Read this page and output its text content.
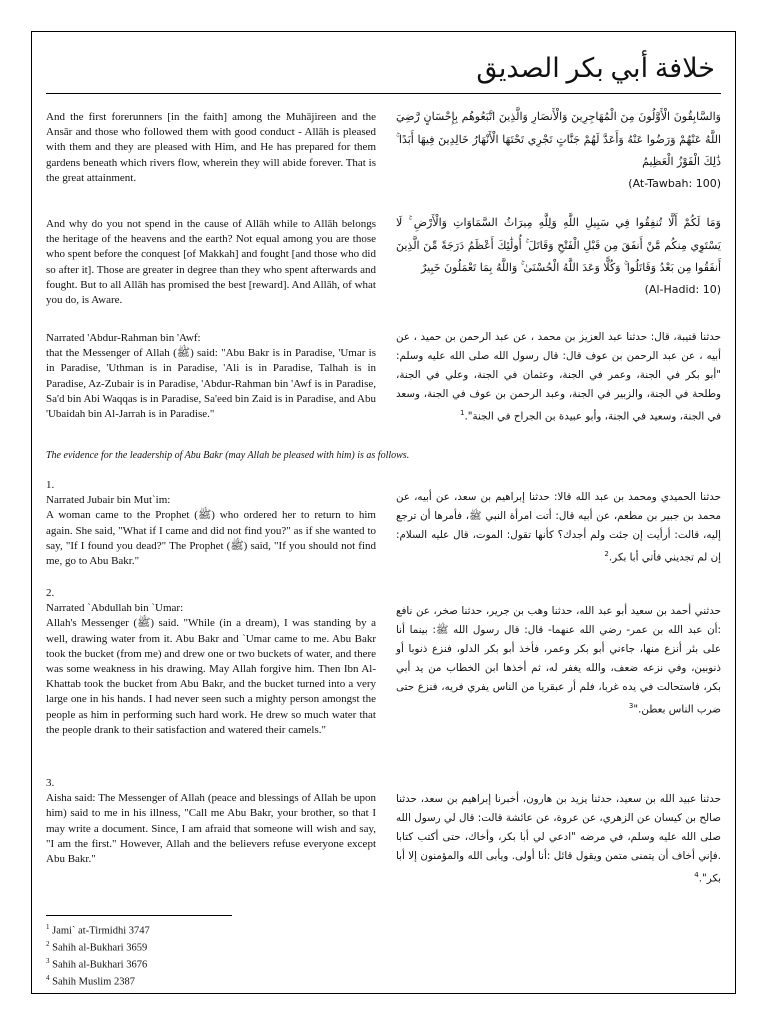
خلافة أبي بكر الصديق

And the first forerunners [in the faith] among the Muhājireen and the Ansār and those who followed them with good conduct - Allāh is pleased with them and they are pleased with Him, and He has prepared for them gardens beneath which rivers flow, wherein they will abide forever. That is the great attainment.

وَالسَّابِقُونَ الْأَوَّلُونَ مِنَ الْمُهَاجِرِينَ وَالْأَنصَارِ وَالَّذِينَ اتَّبَعُوهُم بِإِحْسَانٍ رَّضِيَ اللَّهُ عَنْهُمْ وَرَضُوا عَنْهُ وَأَعَدَّ لَهُمْ جَنَّاتٍ تَجْرِي تَحْتَهَا الْأَنْهَارُ خَالِدِينَ فِيهَا أَبَدًا ۚ ذَٰلِكَ الْفَوْزُ الْعَظِيمُ

(At-Tawbah: 100)

And why do you not spend in the cause of Allāh while to Allāh belongs the heritage of the heavens and the earth? Not equal among you are those who spent before the conquest [of Makkah] and fought [and those who did so after it]. Those are greater in degree than they who spent afterwards and fought. But to all Allāh has promised the best [reward]. And Allāh, of what you do, is Aware.

وَمَا لَكُمْ أَلَّا تُنفِقُوا فِي سَبِيلِ اللَّهِ وَلِلَّهِ مِيرَاثُ السَّمَاوَاتِ وَالْأَرْضِ ۚ لَا يَسْتَوِي مِنكُم مَّنْ أَنفَقَ مِن قَبْلِ الْفَتْحِ وَقَاتَلَ ۚ أُولَٰئِكَ أَعْظَمُ دَرَجَةً مِّنَ الَّذِينَ أَنفَقُوا مِن بَعْدُ وَقَاتَلُوا ۚ وَكُلًّا وَعَدَ اللَّهُ الْحُسْنَىٰ ۚ وَاللَّهُ بِمَا تَعْمَلُونَ خَبِيرٌ

(Al-Hadid: 10)

Narrated 'Abdur-Rahman bin 'Awf:
that the Messenger of Allah (ﷺ) said: "Abu Bakr is in Paradise, 'Umar is in Paradise, 'Uthman is in Paradise, 'Ali is in Paradise, Talhah is in Paradise, Az-Zubair is in Paradise, 'Abdur-Rahman bin 'Awf is in Paradise, Sa'd bin Abi Waqqas is in Paradise, Sa'eed bin Zaid is in Paradise, and Abu 'Ubaidah bin Al-Jarrah is in Paradise."

حدثنا قتيبة، قال: حدثنا عبد العزيز بن محمد ، عن عبد الرحمن بن حميد ، عن أبيه ، عن عبد الرحمن بن عوف قال: قال رسول الله صلى الله عليه وسلم: "أبو بكر في الجنة، وعمر في الجنة، وعثمان في الجنة، وعلي في الجنة، وطلحة في الجنة، والزبير في الجنة، وعبد الرحمن بن عوف في الجنة، وسعد في الجنة، وسعيد في الجنة، وأبو عبيدة بن الجراح في الجنة".$^1$

The evidence for the leadership of Abu Bakr (may Allah be pleased with him) is as follows.

1.

Narrated Jubair bin Mut`im:
A woman came to the Prophet (ﷺ) who ordered her to return to him again. She said, "What if I came and did not find you?" as if she wanted to say, "If I found you dead?" The Prophet (ﷺ) said, "If you should not find me, go to Abu Bakr."

حدثنا الحميدي ومحمد بن عبد الله قالا: حدثنا إبراهيم بن سعد، عن أبيه، عن محمد بن جبير بن مطعم، عن أبيه قال: أتت امرأة النبي ﷺ، فأمرها أن ترجع إليه، قالت: أرأيت إن جئت ولم أجدك؟ كأنها تقول: الموت، قال عليه السلام: إن لم تجديني فأتي أبا بكر.$^2$

2.

Narrated `Abdullah bin `Umar:
Allah's Messenger (ﷺ) said. "While (in a dream), I was standing by a well, drawing water from it. Abu Bakr and `Umar came to me. Abu Bakr took the bucket (from me) and drew one or two buckets of water, and there was some weakness in his drawing. May Allah forgive him. Then Ibn Al-Khattab took the bucket from Abu Bakr, and the bucket turned into a very large one in his hands. I had never seen such a mighty person amongst the people as him in performing such hard work. He drew so much water that the people drank to their satisfaction and watered their camels."

حدثني أحمد بن سعيد أبو عبد الله، حدثنا وهب بن جرير، حدثنا صخر، عن نافع :أن عبد الله بن عمر- رضي الله عنهما- قال: قال رسول الله ﷺ: بينما أنا على بئر أنزع منها، جاءني أبو بكر وعمر، فأخذ أبو بكر الدلو، فنزع ذنوبا أو ذنوبين، وفي نزعه ضعف، والله يغفر له، ثم أخذها ابن الخطاب من يد أبي بكر، فاستحالت في يده غربا، فلم أر عبقريا من الناس يفري فريه، فنزع حتى ضرب الناس بعطن."$^3$

3.

Aisha said: The Messenger of Allah (peace and blessings of Allah be upon him) said to me in his illness, "Call me Abu Bakr, your brother, so that I may write a document. Since, I am afraid that someone will wish and say, "I am the first." However, Allah and the believers refuse everyone except Abu Bakr."

حدثنا عبيد الله بن سعيد، حدثنا يزيد بن هارون، أخبرنا إبراهيم بن سعد، حدثنا صالح بن كيسان عن الزهري، عن عروة، عن عائشة قالت: قال لي رسول الله صلى الله عليه وسلم، في مرضه "ادعي لي أبا بكر، وأخاك، حتى أكتب كتابا .فإني أخاف أن يتمنى متمن ويقول قائل :أنا أولى. ويأبى الله والمؤمنون إلا أبا بكر".$^4$

$^1$ Jami` at-Tirmidhi 3747
$^2$ Sahih al-Bukhari 3659
$^3$ Sahih al-Bukhari 3676
$^4$ Sahih Muslim 2387
